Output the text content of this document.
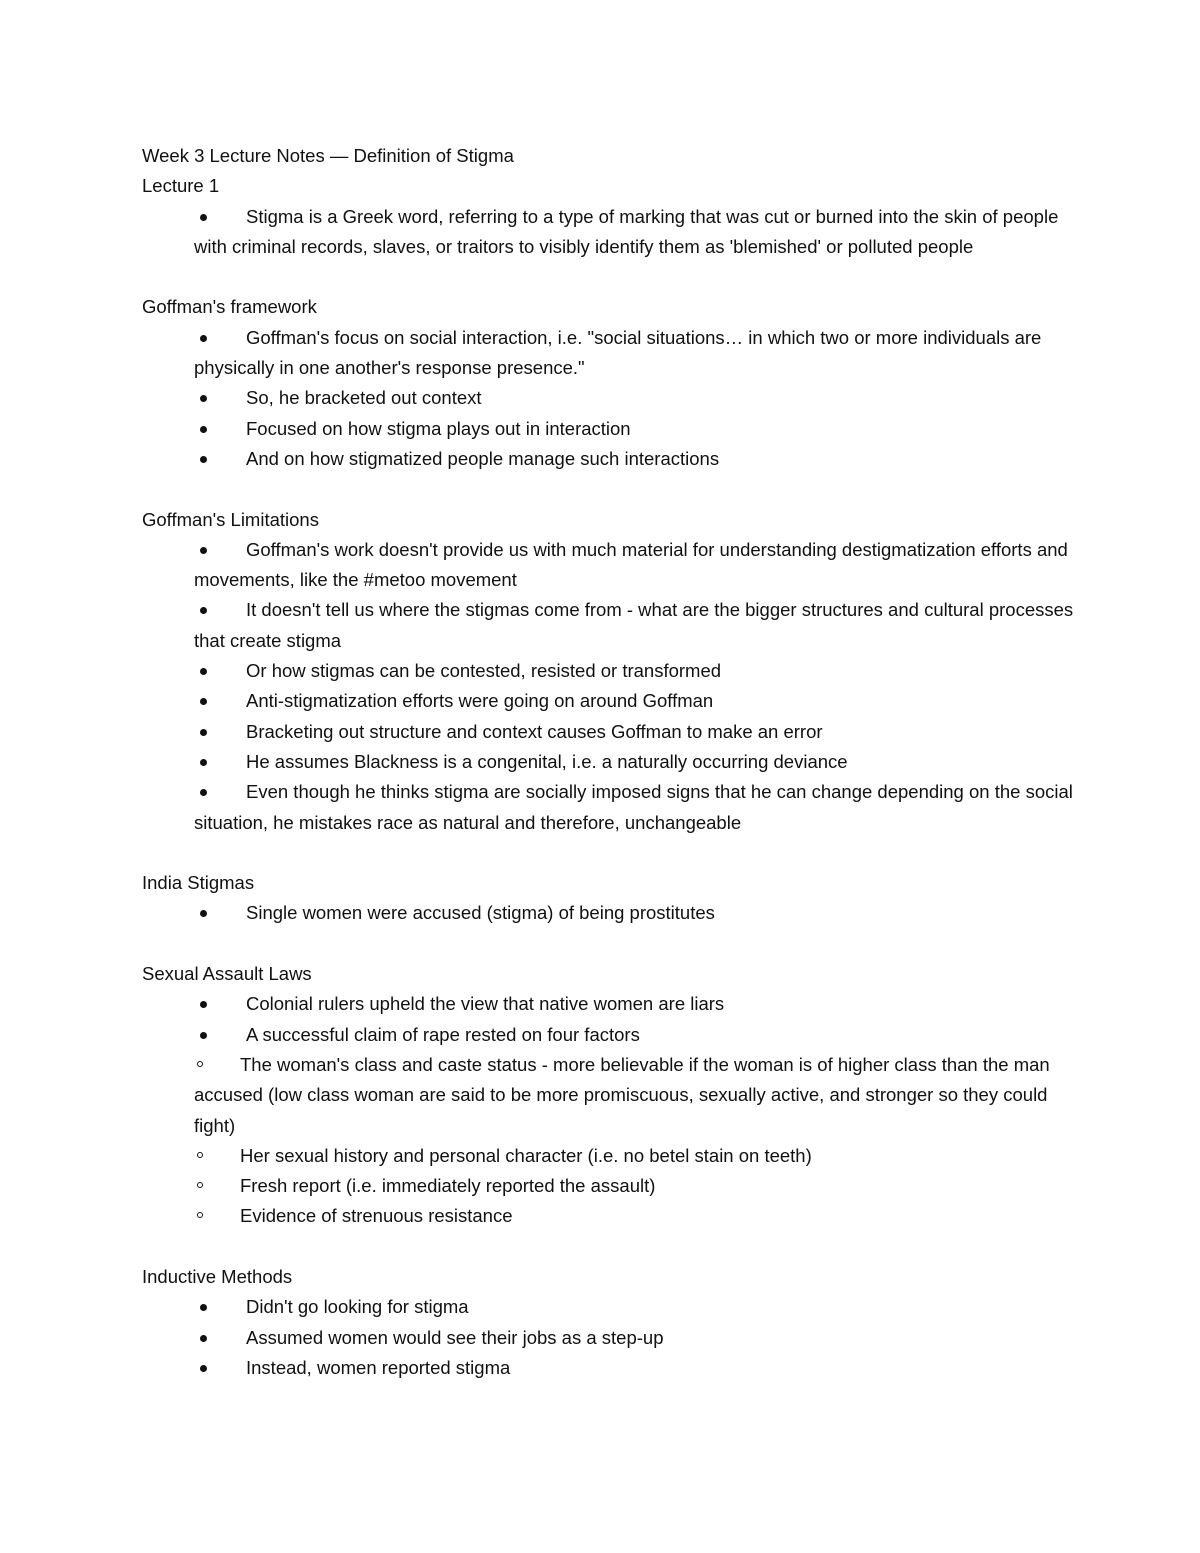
Week 3 Lecture Notes — Definition of Stigma
Lecture 1
Stigma is a Greek word, referring to a type of marking that was cut or burned into the skin of people with criminal records, slaves, or traitors to visibly identify them as 'blemished' or polluted people
Goffman's framework
Goffman's focus on social interaction, i.e. "social situations… in which two or more individuals are physically in one another's response presence."
So, he bracketed out context
Focused on how stigma plays out in interaction
And on how stigmatized people manage such interactions
Goffman's Limitations
Goffman's work doesn't provide us with much material for understanding destigmatization efforts and movements, like the #metoo movement
It doesn't tell us where the stigmas come from - what are the bigger structures and cultural processes that create stigma
Or how stigmas can be contested, resisted or transformed
Anti-stigmatization efforts were going on around Goffman
Bracketing out structure and context causes Goffman to make an error
He assumes Blackness is a congenital, i.e. a naturally occurring deviance
Even though he thinks stigma are socially imposed signs that he can change depending on the social situation, he mistakes race as natural and therefore, unchangeable
India Stigmas
Single women were accused (stigma) of being prostitutes
Sexual Assault Laws
Colonial rulers upheld the view that native women are liars
A successful claim of rape rested on four factors
The woman's class and caste status - more believable if the woman is of higher class than the man accused (low class woman are said to be more promiscuous, sexually active, and stronger so they could fight)
Her sexual history and personal character (i.e. no betel stain on teeth)
Fresh report (i.e. immediately reported the assault)
Evidence of strenuous resistance
Inductive Methods
Didn't go looking for stigma
Assumed women would see their jobs as a step-up
Instead, women reported stigma
